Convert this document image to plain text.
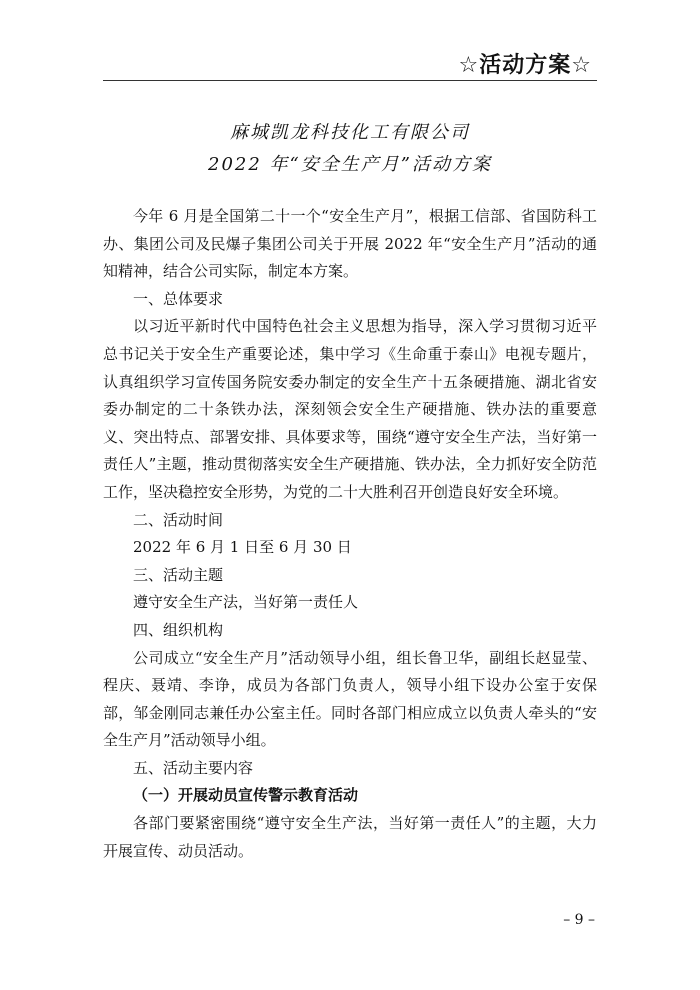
☆活动方案☆
麻城凯龙科技化工有限公司
2022 年“安全生产月”活动方案

今年 6 月是全国第二十一个“安全生产月”，根据工信部、省国防科工办、集团公司及民爆子集团公司关于开展 2022 年“安全生产月”活动的通知精神，结合公司实际，制定本方案。

一、总体要求

以习近平新时代中国特色社会主义思想为指导，深入学习贯彻习近平总书记关于安全生产重要论述，集中学习《生命重于泰山》电视专题片，认真组织学习宣传国务院安委办制定的安全生产十五条硬措施、湖北省安委办制定的二十条铁办法，深刻领会安全生产硬措施、铁办法的重要意义、突出特点、部署安排、具体要求等，围绕“遵守安全生产法，当好第一责任人”主题，推动贯彻落实安全生产硬措施、铁办法，全力抓好安全防范工作，坚决稳控安全形势，为党的二十大胜利召开创造良好安全环境。

二、活动时间

2022 年 6 月 1 日至 6 月 30 日

三、活动主题

遵守安全生产法，当好第一责任人

四、组织机构

公司成立“安全生产月”活动领导小组，组长鲁卫华，副组长赵显莹、程庆、聂靖、李诤，成员为各部门负责人，领导小组下设办公室于安保部，邹金刚同志兼任办公室主任。同时各部门相应成立以负责人牵头的“安全生产月”活动领导小组。

五、活动主要内容

（一）开展动员宣传警示教育活动

各部门要紧密围绕“遵守安全生产法，当好第一责任人”的主题，大力开展宣传、动员活动。

– 9 –
